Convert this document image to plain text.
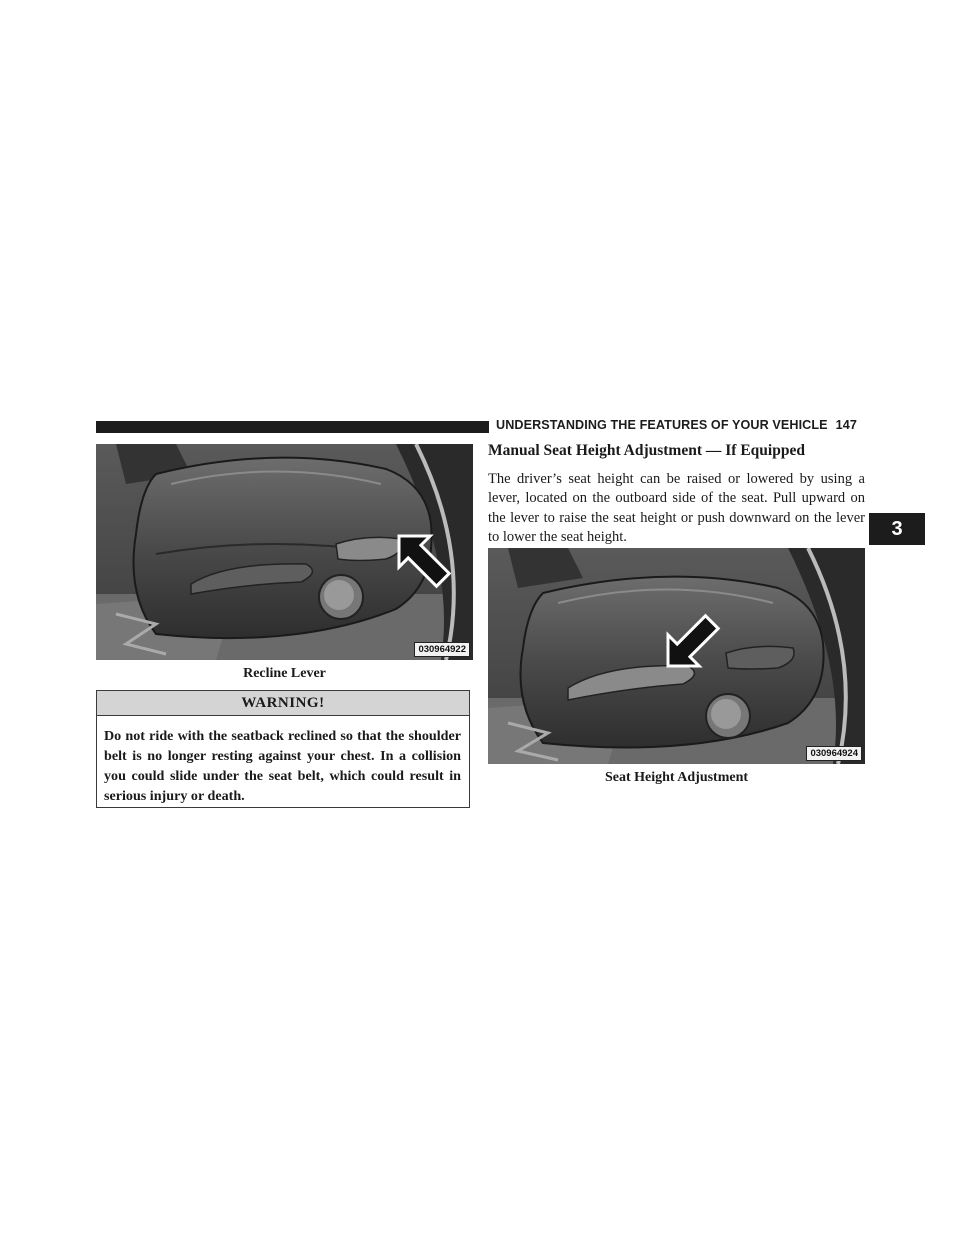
UNDERSTANDING THE FEATURES OF YOUR VEHICLE 147
3
030964922
Recline Lever
WARNING!
Do not ride with the seatback reclined so that the shoulder belt is no longer resting against your chest. In a collision you could slide under the seat belt, which could result in serious injury or death.
Manual Seat Height Adjustment — If Equipped
The driver’s seat height can be raised or lowered by using a lever, located on the outboard side of the seat. Pull upward on the lever to raise the seat height or push downward on the lever to lower the seat height.
030964924
Seat Height Adjustment
